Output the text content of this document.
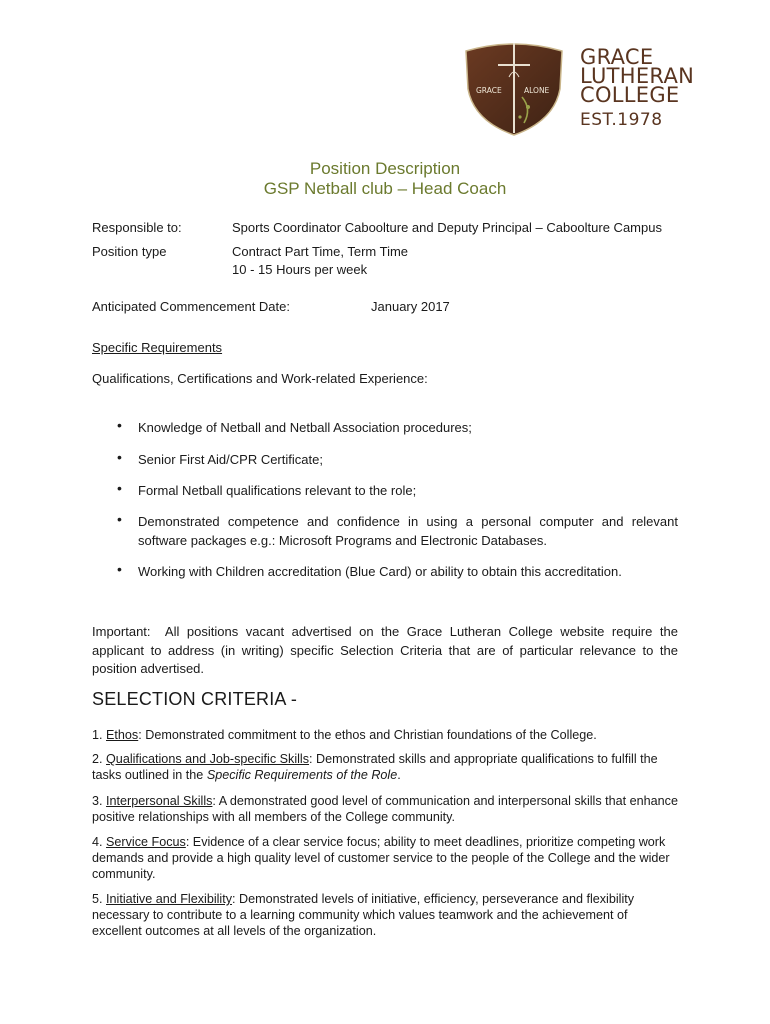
GRACE	ALONE
GRACE
LUTHERAN
COLLEGE
EST.1978
Position Description
GSP Netball club – Head Coach
Responsible to:	Sports Coordinator Caboolture and Deputy Principal – Caboolture Campus
Position type	Contract Part Time, Term Time
10 - 15 Hours per week
Anticipated Commencement Date:	January 2017
Specific Requirements
Qualifications, Certifications and Work-related Experience:
• Knowledge of Netball and Netball Association procedures;
• Senior First Aid/CPR Certificate;
• Formal Netball qualifications relevant to the role;
• Demonstrated competence and confidence in using a personal computer and relevant software packages e.g.: Microsoft Programs and Electronic Databases.
• Working with Children accreditation (Blue Card) or ability to obtain this accreditation.
Important: All positions vacant advertised on the Grace Lutheran College website require the applicant to address (in writing) specific Selection Criteria that are of particular relevance to the position advertised.
SELECTION CRITERIA -

1. Ethos: Demonstrated commitment to the ethos and Christian foundations of the College.

2. Qualifications and Job-specific Skills: Demonstrated skills and appropriate qualifications to fulfill the tasks outlined in the Specific Requirements of the Role.

3. Interpersonal Skills: A demonstrated good level of communication and interpersonal skills that enhance positive relationships with all members of the College community.

4. Service Focus: Evidence of a clear service focus; ability to meet deadlines, prioritize competing work demands and provide a high quality level of customer service to the people of the College and the wider community.

5. Initiative and Flexibility: Demonstrated levels of initiative, efficiency, perseverance and flexibility necessary to contribute to a learning community which values teamwork and the achievement of excellent outcomes at all levels of the organization.
